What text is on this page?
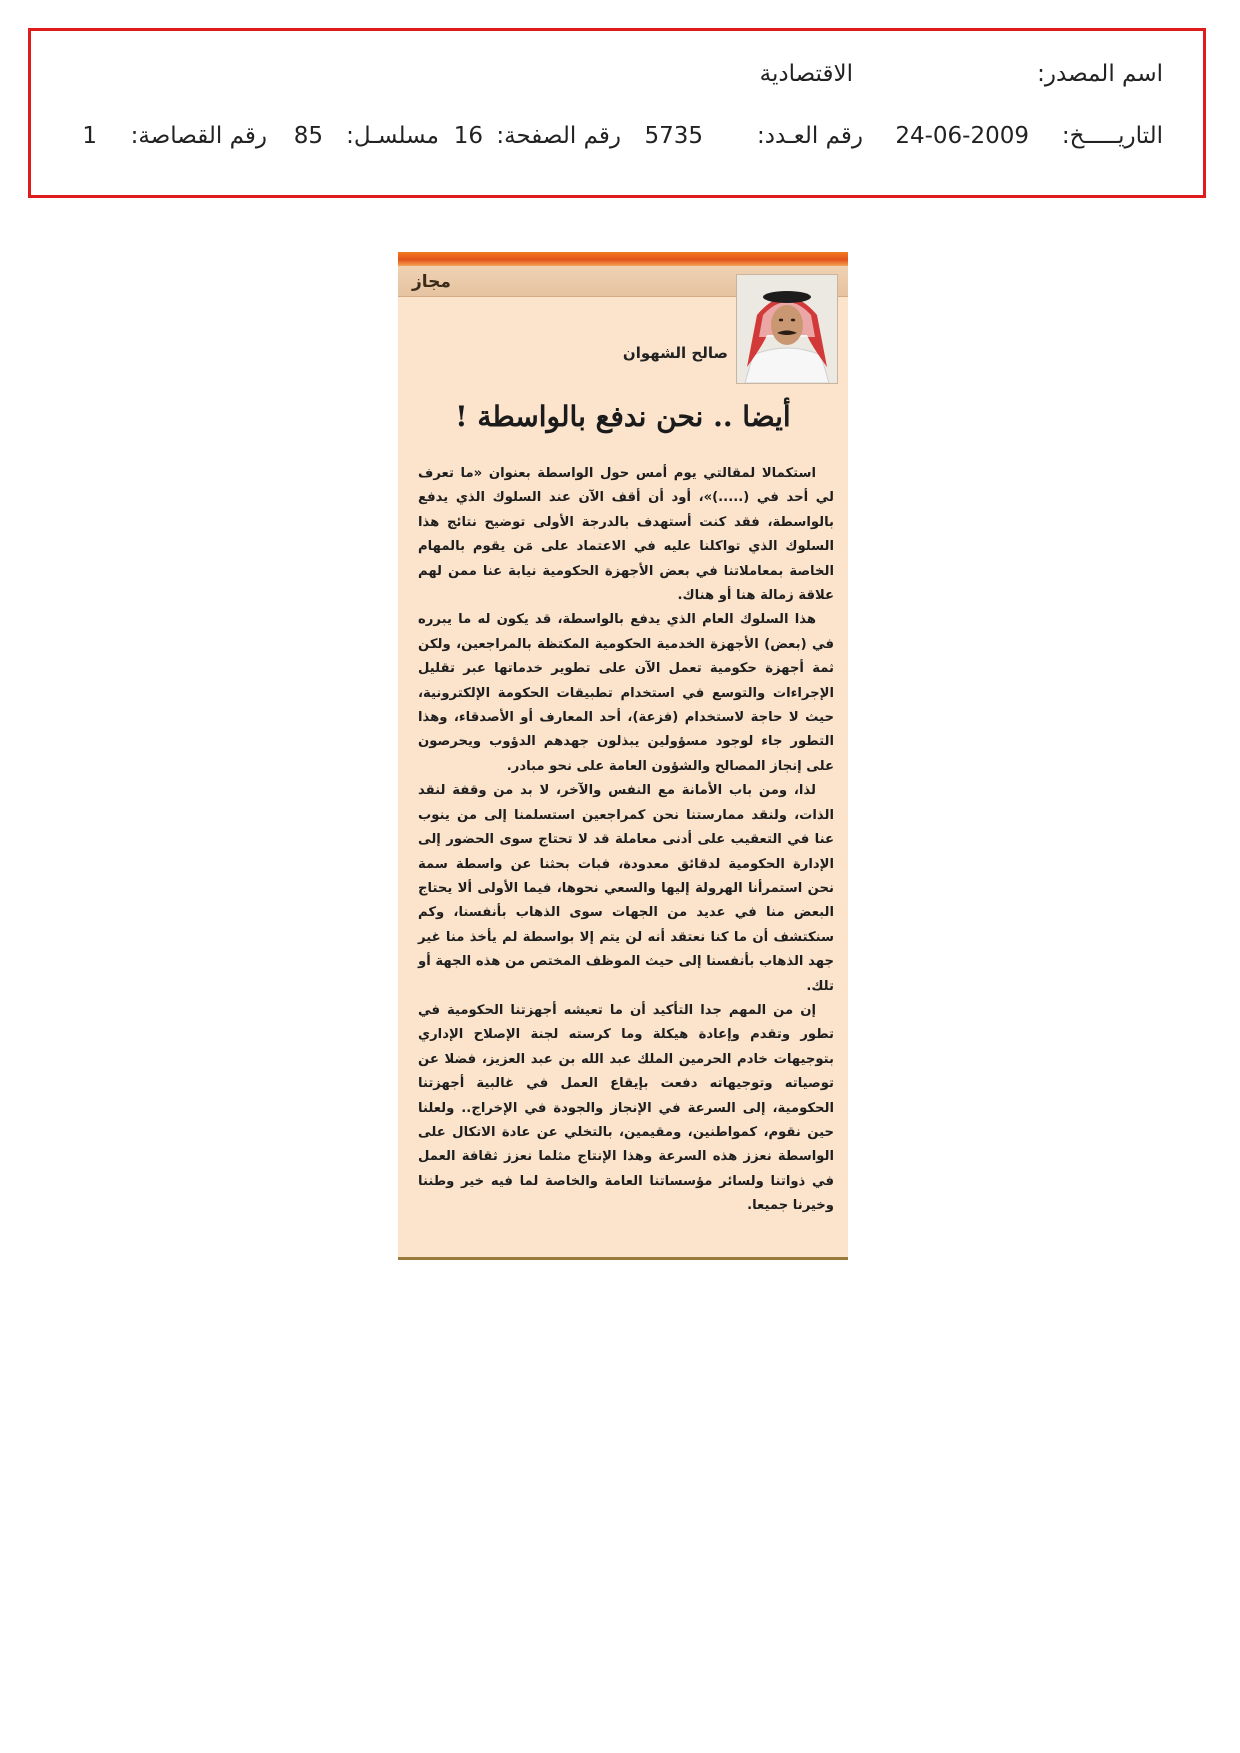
اسم المصدر:
الاقتصادية
التاريـــــخ:
24-06-2009
رقم العـدد:
5735
رقم الصفحة:
16
مسلسـل:
85
رقم القصاصة:
1
مجاز
صالح الشهوان
أيضا .. نحن ندفع بالواسطة !

استكمالا لمقالتي يوم أمس حول الواسطة بعنوان «ما تعرف لي أحد في (.....)»، أود أن أقف الآن عند السلوك الذي يدفع بالواسطة، فقد كنت أستهدف بالدرجة الأولى توضيح نتائج هذا السلوك الذي تواكلنا عليه في الاعتماد على مَن يقوم بالمهام الخاصة بمعاملاتنا في بعض الأجهزة الحكومية نيابة عنا ممن لهم علاقة زمالة هنا أو هناك.

هذا السلوك العام الذي يدفع بالواسطة، قد يكون له ما يبرره في (بعض) الأجهزة الخدمية الحكومية المكتظة بالمراجعين، ولكن ثمة أجهزة حكومية تعمل الآن على تطوير خدماتها عبر تقليل الإجراءات والتوسع في استخدام تطبيقات الحكومة الإلكترونية، حيث لا حاجة لاستخدام (فزعة)، أحد المعارف أو الأصدقاء، وهذا التطور جاء لوجود مسؤولين يبذلون جهدهم الدؤوب ويحرصون على إنجاز المصالح والشؤون العامة على نحو مبادر.

لذا، ومن باب الأمانة مع النفس والآخر، لا بد من وقفة لنقد الذات، ولنقد ممارستنا نحن كمراجعين استسلمنا إلى من ينوب عنا في التعقيب على أدنى معاملة قد لا تحتاج سوى الحضور إلى الإدارة الحكومية لدقائق معدودة، فبات بحثنا عن واسطة سمة نحن استمرأنا الهرولة إليها والسعي نحوها، فيما الأولى ألا يحتاج البعض منا في عديد من الجهات سوى الذهاب بأنفسنا، وكم سنكتشف أن ما كنا نعتقد أنه لن يتم إلا بواسطة لم يأخذ منا غير جهد الذهاب بأنفسنا إلى حيث الموظف المختص من هذه الجهة أو تلك.

إن من المهم جدا التأكيد أن ما تعيشه أجهزتنا الحكومية في تطور وتقدم وإعادة هيكلة وما كرسته لجنة الإصلاح الإداري بتوجيهات خادم الحرمين الملك عبد الله بن عبد العزيز، فضلا عن توصياته وتوجيهاته دفعت بإيقاع العمل في غالبية أجهزتنا الحكومية، إلى السرعة في الإنجاز والجودة في الإخراج.. ولعلنا حين نقوم، كمواطنين، ومقيمين، بالتخلي عن عادة الاتكال على الواسطة نعزز هذه السرعة وهذا الإنتاج مثلما نعزز ثقافة العمل في ذواتنا ولسائر مؤسساتنا العامة والخاصة لما فيه خير وطننا وخيرنا جميعا.
